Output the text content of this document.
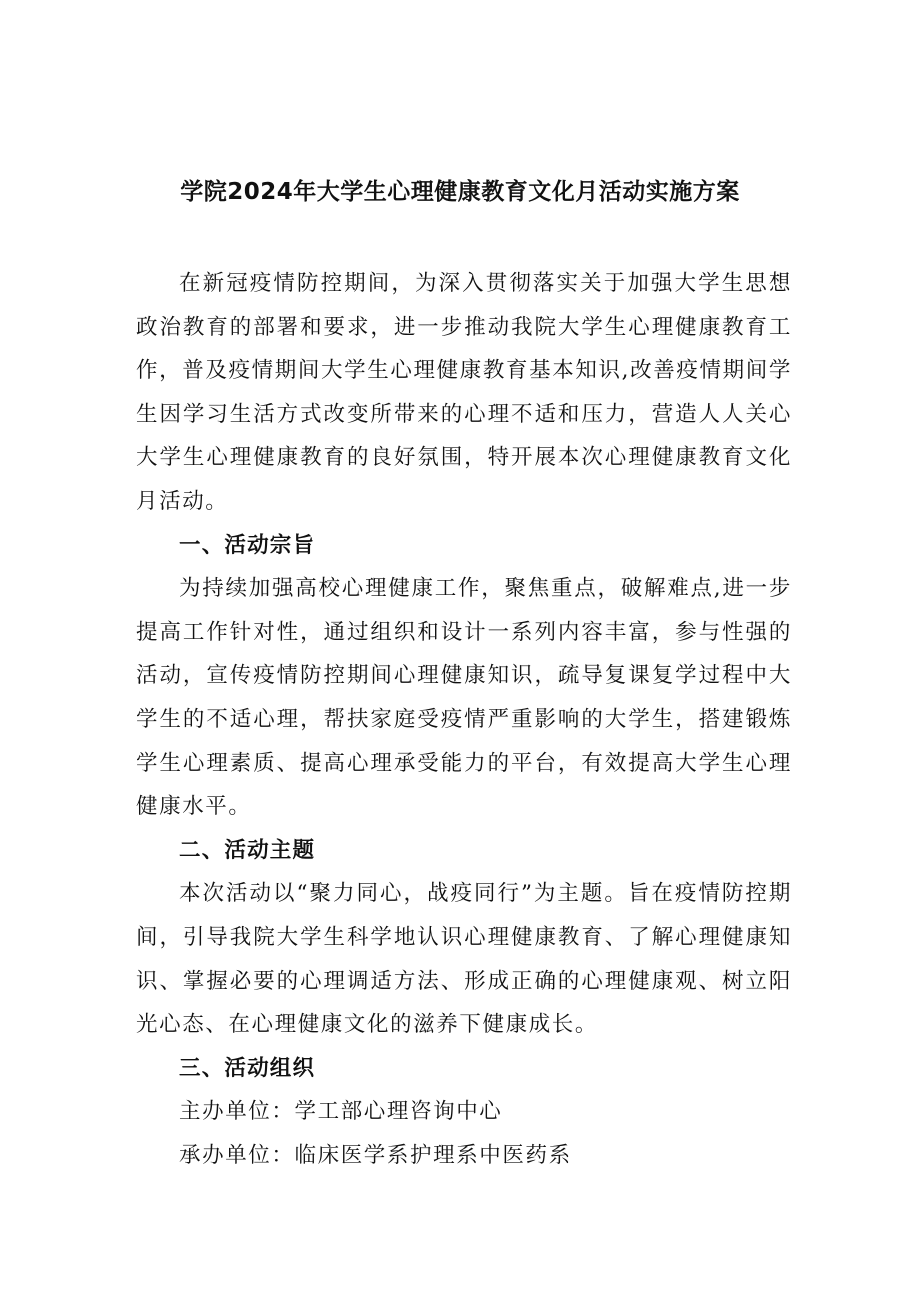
学院2024年大学生心理健康教育文化月活动实施方案

在新冠疫情防控期间，为深入贯彻落实关于加强大学生思想政治教育的部署和要求，进一步推动我院大学生心理健康教育工作，普及疫情期间大学生心理健康教育基本知识,改善疫情期间学生因学习生活方式改变所带来的心理不适和压力，营造人人关心大学生心理健康教育的良好氛围，特开展本次心理健康教育文化月活动。

一、活动宗旨

为持续加强高校心理健康工作，聚焦重点，破解难点,进一步提高工作针对性，通过组织和设计一系列内容丰富，参与性强的活动，宣传疫情防控期间心理健康知识，疏导复课复学过程中大学生的不适心理，帮扶家庭受疫情严重影响的大学生，搭建锻炼学生心理素质、提高心理承受能力的平台，有效提高大学生心理健康水平。

二、活动主题

本次活动以“聚力同心，战疫同行”为主题。旨在疫情防控期间，引导我院大学生科学地认识心理健康教育、了解心理健康知识、掌握必要的心理调适方法、形成正确的心理健康观、树立阳光心态、在心理健康文化的滋养下健康成长。

三、活动组织

主办单位：学工部心理咨询中心

承办单位：临床医学系护理系中医药系
